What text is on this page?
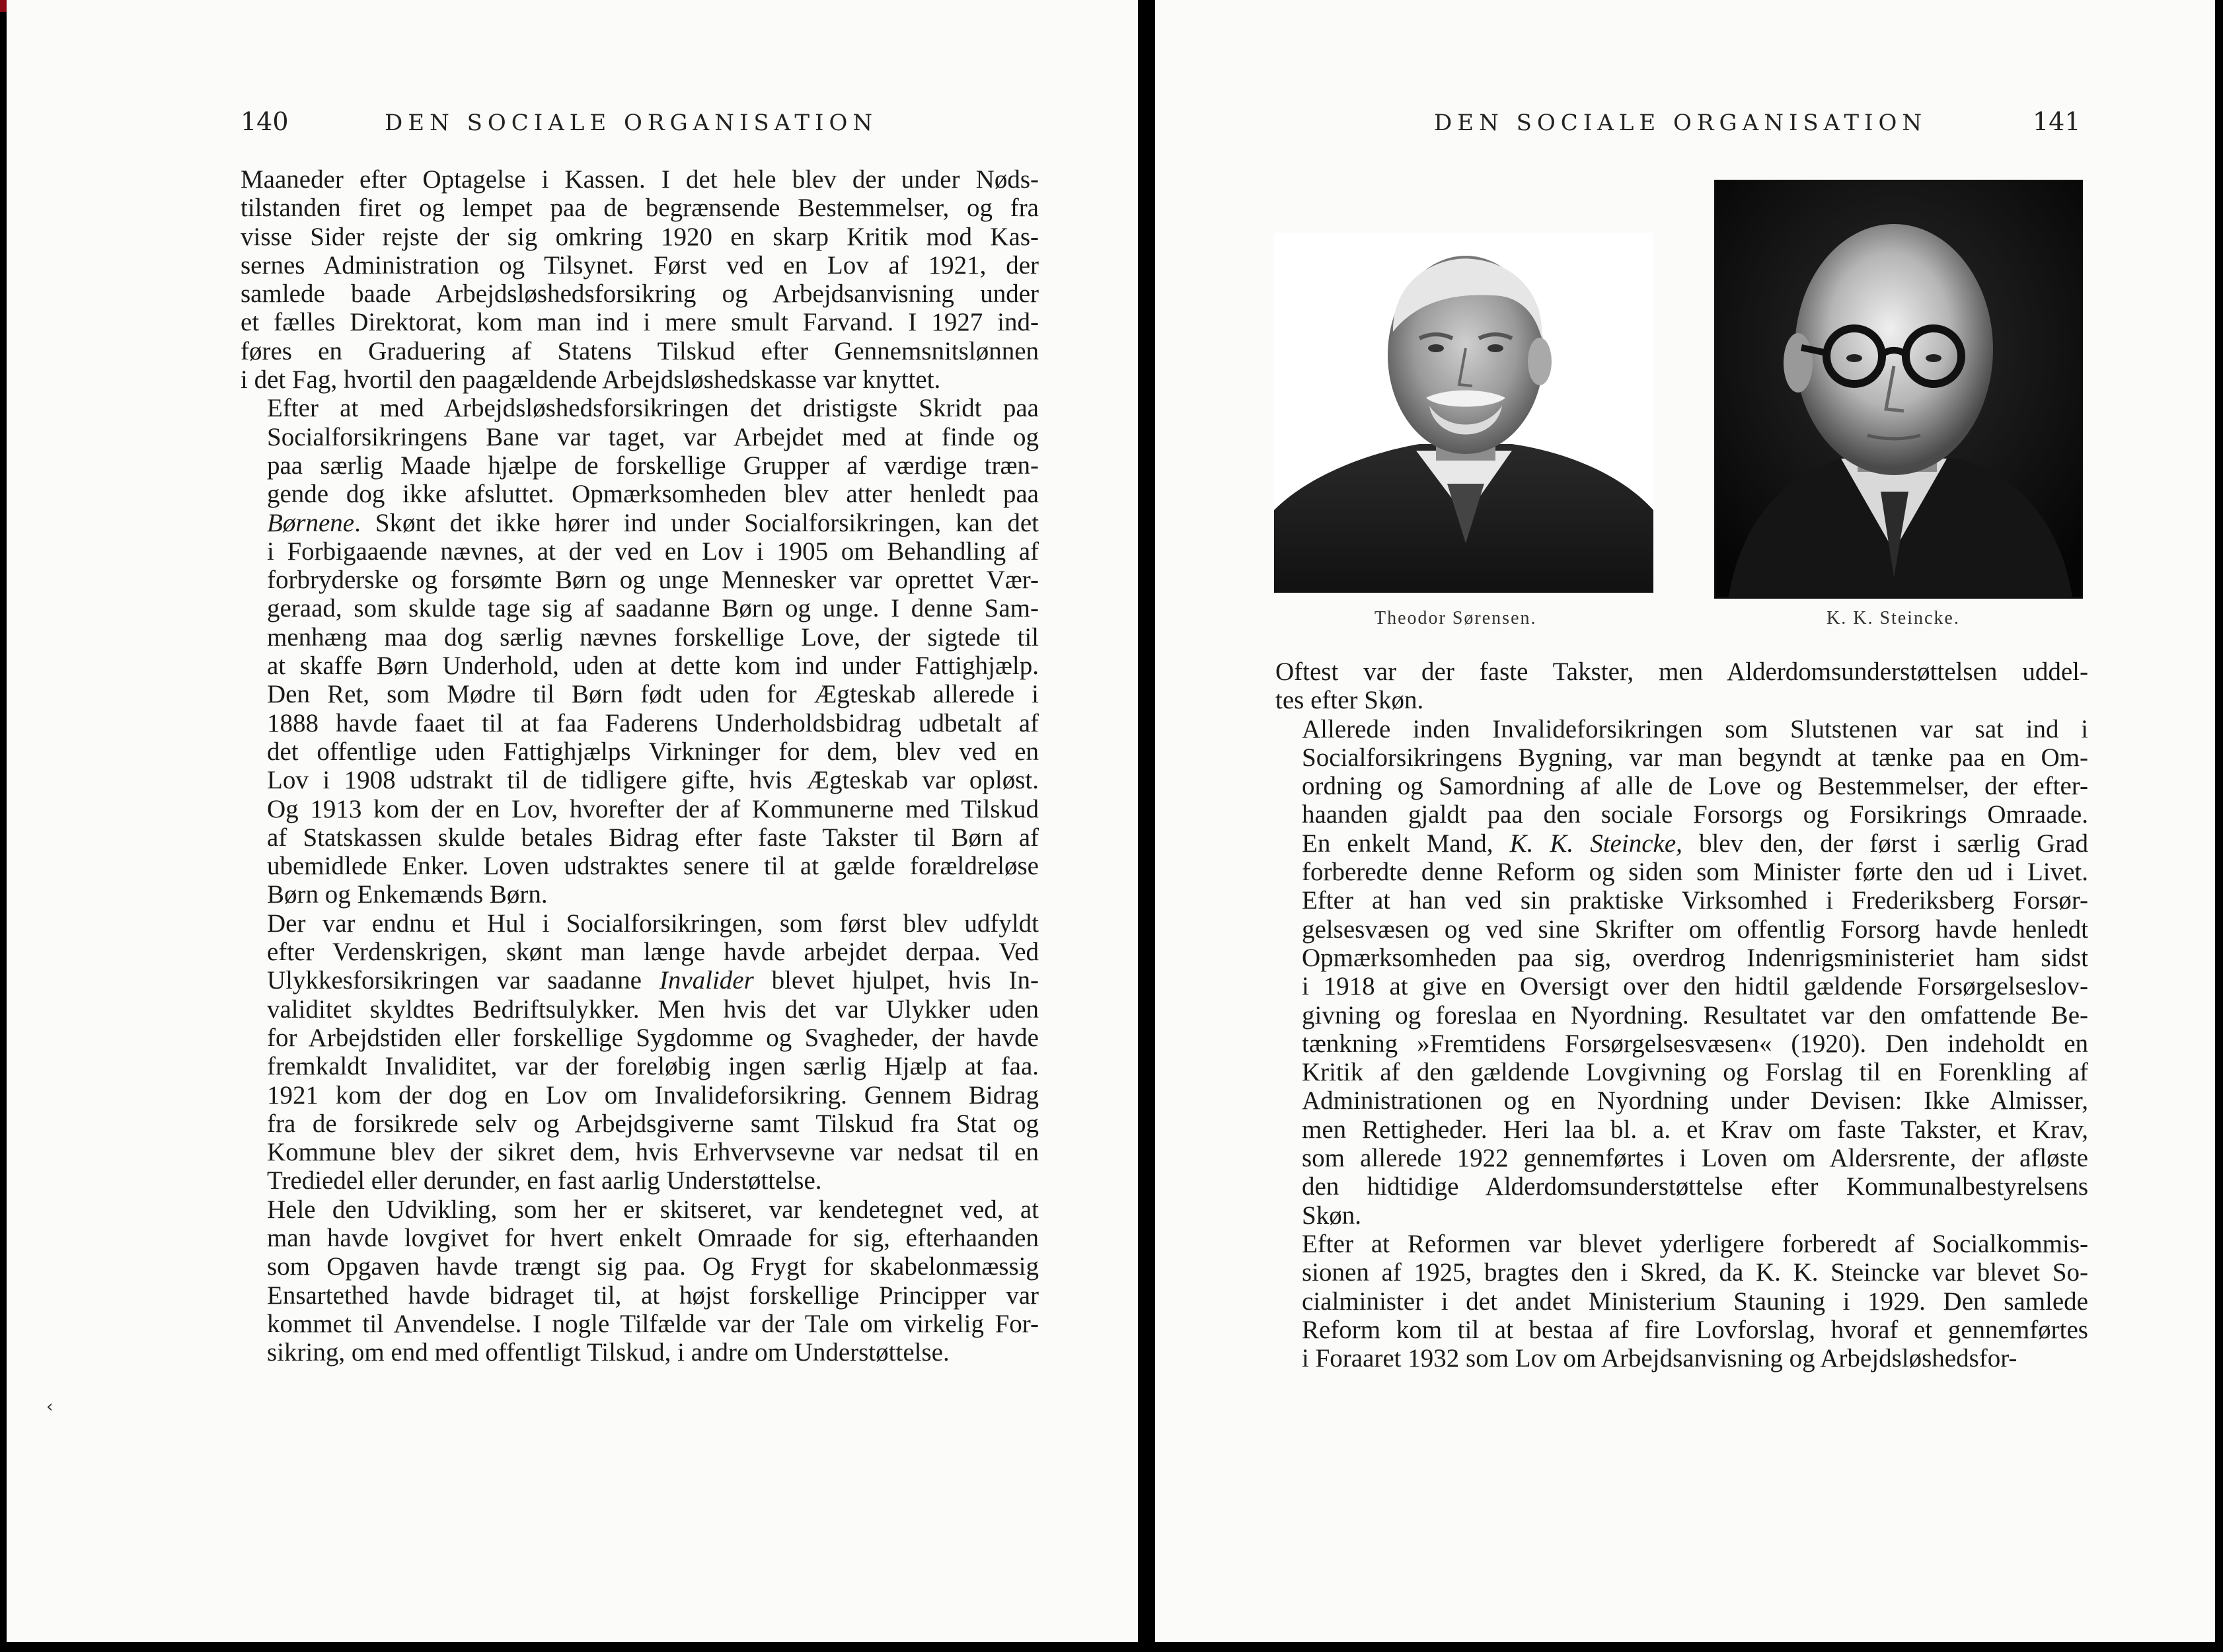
140	DEN SOCIALE ORGANISATION

Maaneder efter Optagelse i Kassen. I det hele blev der under Nøds-
tilstanden firet og lempet paa de begrænsende Bestemmelser, og fra
visse Sider rejste der sig omkring 1920 en skarp Kritik mod Kas-
sernes Administration og Tilsynet. Først ved en Lov af 1921, der
samlede baade Arbejdsløshedsforsikring og Arbejdsanvisning under
et fælles Direktorat, kom man ind i mere smult Farvand. I 1927 ind-
føres en Graduering af Statens Tilskud efter Gennemsnitslønnen
i det Fag, hvortil den paagældende Arbejdsløshedskasse var knyttet.

Efter at med Arbejdsløshedsforsikringen det dristigste Skridt paa
Socialforsikringens Bane var taget, var Arbejdet med at finde og
paa særlig Maade hjælpe de forskellige Grupper af værdige træn-
gende dog ikke afsluttet. Opmærksomheden blev atter henledt paa
Børnene. Skønt det ikke hører ind under Socialforsikringen, kan det
i Forbigaaende nævnes, at der ved en Lov i 1905 om Behandling af
forbryderske og forsømte Børn og unge Mennesker var oprettet Vær-
geraad, som skulde tage sig af saadanne Børn og unge. I denne Sam-
menhæng maa dog særlig nævnes forskellige Love, der sigtede til
at skaffe Børn Underhold, uden at dette kom ind under Fattighjælp.
Den Ret, som Mødre til Børn født uden for Ægteskab allerede i
1888 havde faaet til at faa Faderens Underholdsbidrag udbetalt af
det offentlige uden Fattighjælps Virkninger for dem, blev ved en
Lov i 1908 udstrakt til de tidligere gifte, hvis Ægteskab var opløst.
Og 1913 kom der en Lov, hvorefter der af Kommunerne med Tilskud
af Statskassen skulde betales Bidrag efter faste Takster til Børn af
ubemidlede Enker. Loven udstraktes senere til at gælde forældreløse
Børn og Enkemænds Børn.

Der var endnu et Hul i Socialforsikringen, som først blev udfyldt
efter Verdenskrigen, skønt man længe havde arbejdet derpaa. Ved
Ulykkesforsikringen var saadanne Invalider blevet hjulpet, hvis In-
validitet skyldtes Bedriftsulykker. Men hvis det var Ulykker uden
for Arbejdstiden eller forskellige Sygdomme og Svagheder, der havde
fremkaldt Invaliditet, var der foreløbig ingen særlig Hjælp at faa.
1921 kom der dog en Lov om Invalideforsikring. Gennem Bidrag
fra de forsikrede selv og Arbejdsgiverne samt Tilskud fra Stat og
Kommune blev der sikret dem, hvis Erhvervsevne var nedsat til en
Trediedel eller derunder, en fast aarlig Understøttelse.

Hele den Udvikling, som her er skitseret, var kendetegnet ved, at
man havde lovgivet for hvert enkelt Omraade for sig, efterhaanden
som Opgaven havde trængt sig paa. Og Frygt for skabelonmæssig
Ensartethed havde bidraget til, at højst forskellige Principper var
kommet til Anvendelse. I nogle Tilfælde var der Tale om virkelig For-
sikring, om end med offentligt Tilskud, i andre om Understøttelse.

‹
DEN SOCIALE ORGANISATION	141
Theodor Sørensen.	K. K. Steincke.

Oftest var der faste Takster, men Alderdomsunderstøttelsen uddel-
tes efter Skøn.

Allerede inden Invalideforsikringen som Slutstenen var sat ind i
Socialforsikringens Bygning, var man begyndt at tænke paa en Om-
ordning og Samordning af alle de Love og Bestemmelser, der efter-
haanden gjaldt paa den sociale Forsorgs og Forsikrings Omraade.
En enkelt Mand, K. K. Steincke, blev den, der først i særlig Grad
forberedte denne Reform og siden som Minister førte den ud i Livet.
Efter at han ved sin praktiske Virksomhed i Frederiksberg Forsør-
gelsesvæsen og ved sine Skrifter om offentlig Forsorg havde henledt
Opmærksomheden paa sig, overdrog Indenrigsministeriet ham sidst
i 1918 at give en Oversigt over den hidtil gældende Forsørgelseslov-
givning og foreslaa en Nyordning. Resultatet var den omfattende Be-
tænkning »Fremtidens Forsørgelsesvæsen« (1920). Den indeholdt en
Kritik af den gældende Lovgivning og Forslag til en Forenkling af
Administrationen og en Nyordning under Devisen: Ikke Almisser,
men Rettigheder. Heri laa bl. a. et Krav om faste Takster, et Krav,
som allerede 1922 gennemførtes i Loven om Aldersrente, der afløste
den hidtidige Alderdomsunderstøttelse efter Kommunalbestyrelsens
Skøn.

Efter at Reformen var blevet yderligere forberedt af Socialkommis-
sionen af 1925, bragtes den i Skred, da K. K. Steincke var blevet So-
cialminister i det andet Ministerium Stauning i 1929. Den samlede
Reform kom til at bestaa af fire Lovforslag, hvoraf et gennemførtes
i Foraaret 1932 som Lov om Arbejdsanvisning og Arbejdsløshedsfor-
